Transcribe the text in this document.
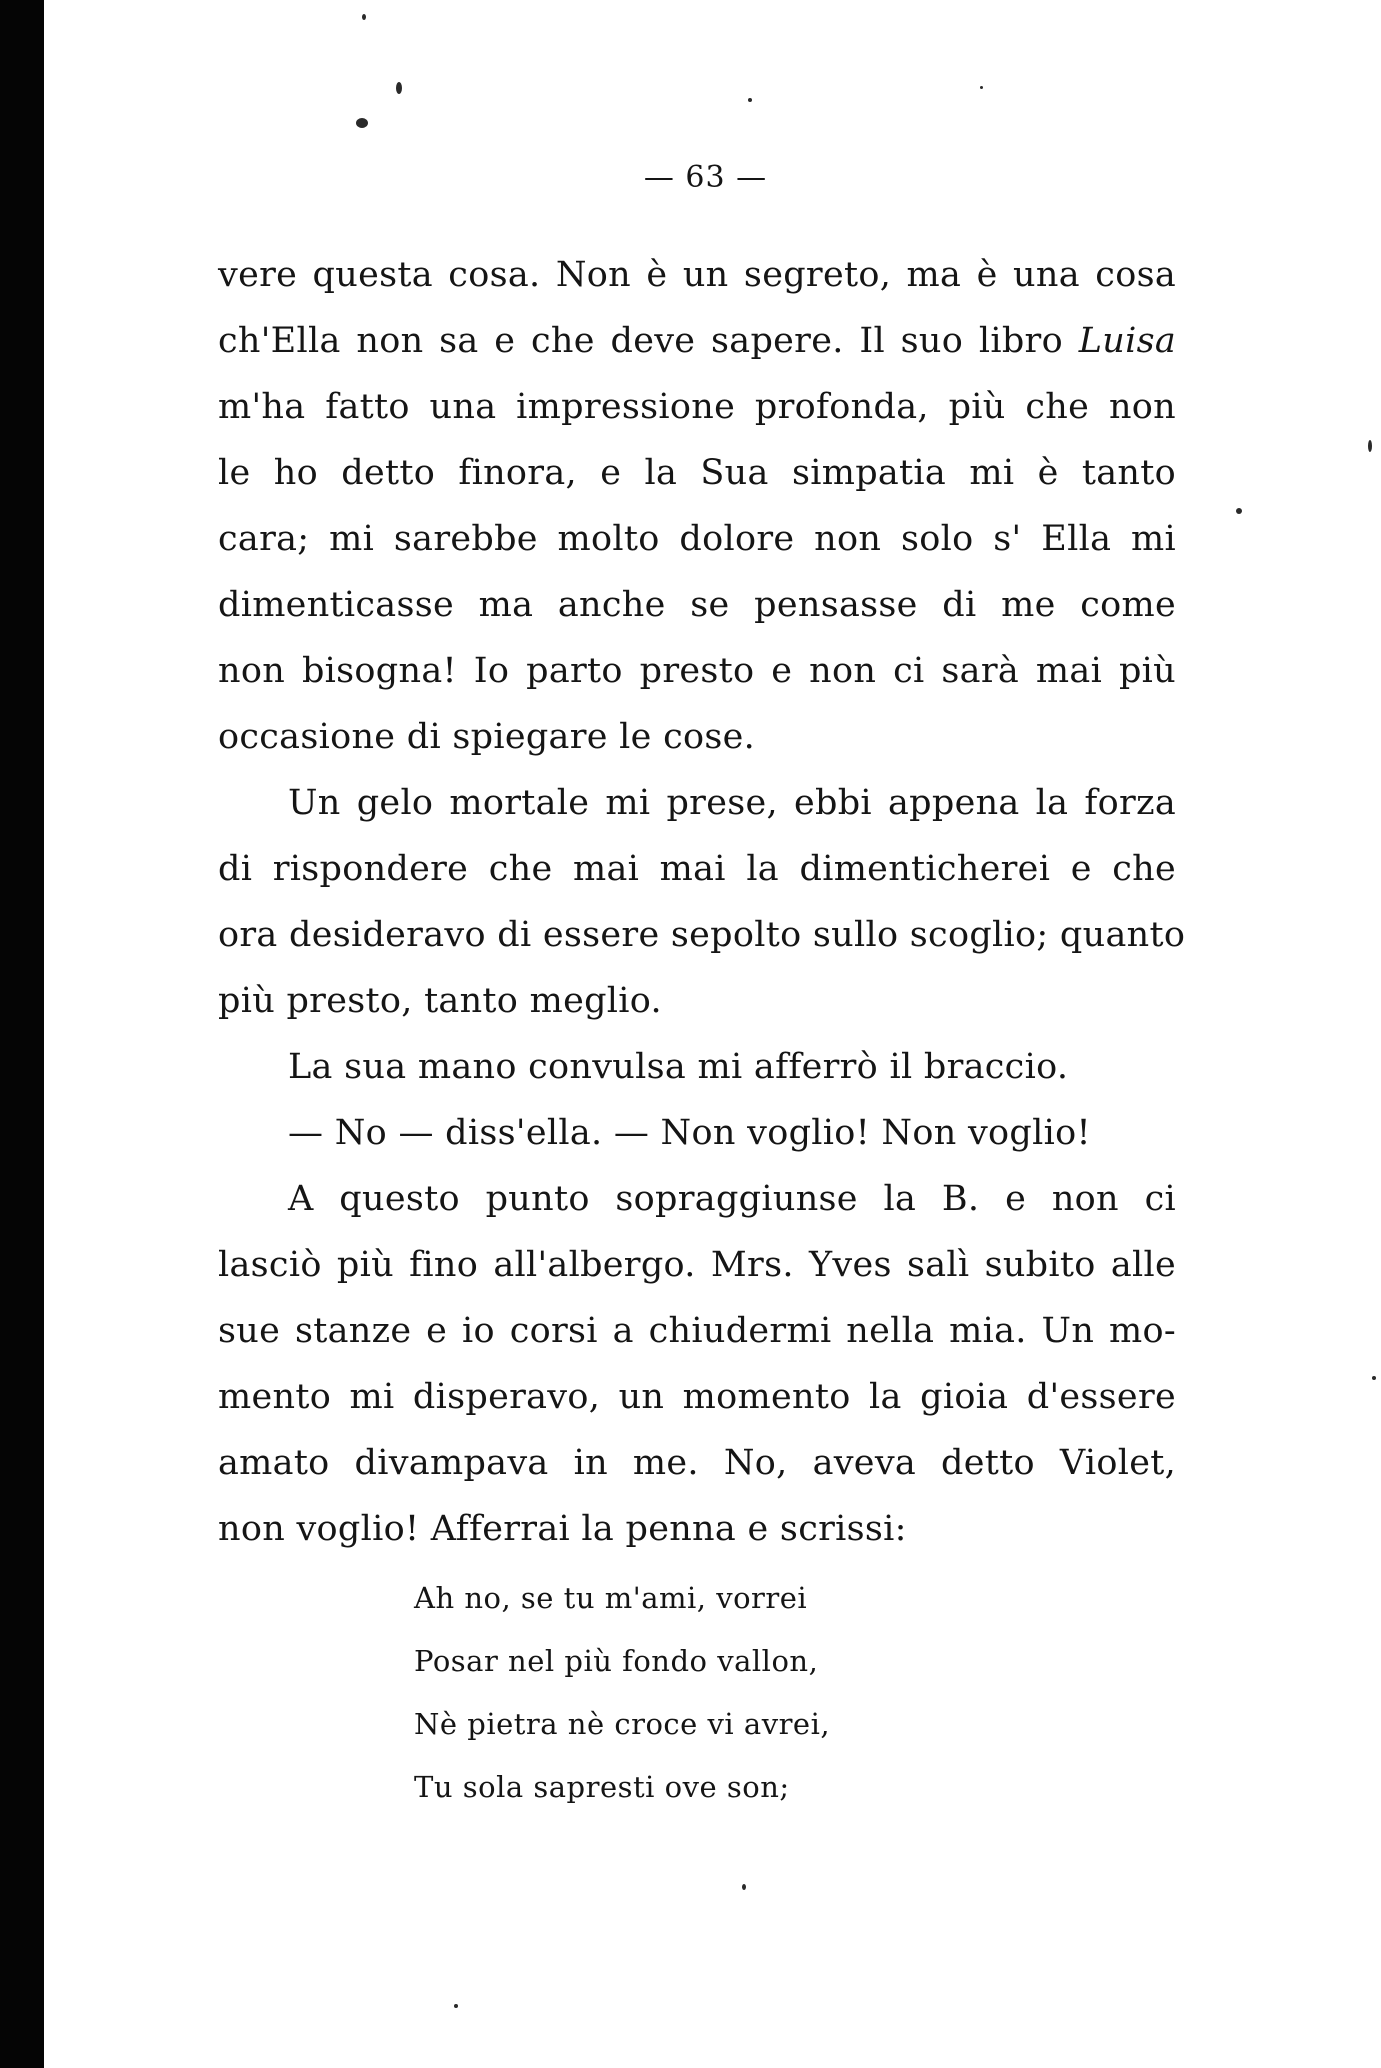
— 63 —
vere questa cosa. Non è un segreto, ma è una cosa
ch'Ella non sa e che deve sapere. Il suo libro Luisa
m'ha fatto una impressione profonda, più che non
le ho detto finora, e la Sua simpatia mi è tanto
cara; mi sarebbe molto dolore non solo s' Ella mi
dimenticasse ma anche se pensasse di me come
non bisogna! Io parto presto e non ci sarà mai più
occasione di spiegare le cose.
Un gelo mortale mi prese, ebbi appena la forza
di rispondere che mai mai la dimenticherei e che
ora desideravo di essere sepolto sullo scoglio; quanto
più presto, tanto meglio.
La sua mano convulsa mi afferrò il braccio.
— No — diss'ella. — Non voglio! Non voglio!
A questo punto sopraggiunse la B. e non ci
lasciò più fino all'albergo. Mrs. Yves salì subito alle
sue stanze e io corsi a chiudermi nella mia. Un mo-
mento mi disperavo, un momento la gioia d'essere
amato divampava in me. No, aveva detto Violet,
non voglio! Afferrai la penna e scrissi:
Ah no, se tu m'ami, vorrei
Posar nel più fondo vallon,
Nè pietra nè croce vi avrei,
Tu sola sapresti ove son;
